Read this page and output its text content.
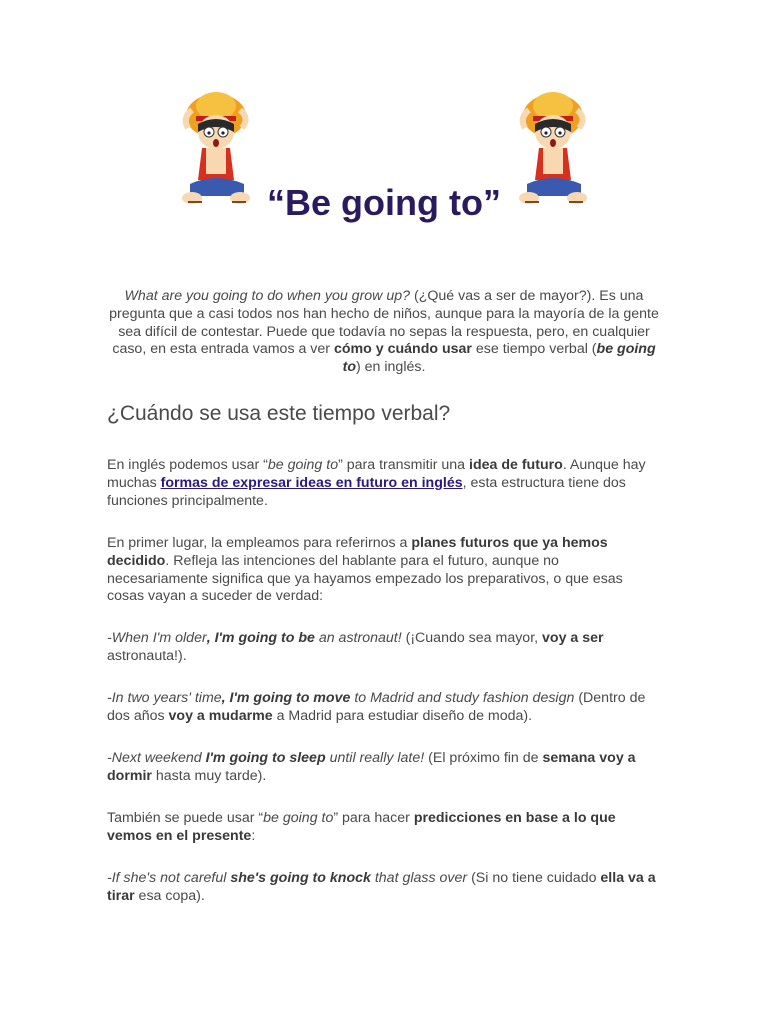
“Be going to”

What are you going to do when you grow up? (¿Qué vas a ser de mayor?). Es una pregunta que a casi todos nos han hecho de niños, aunque para la mayoría de la gente sea difícil de contestar. Puede que todavía no sepas la respuesta, pero, en cualquier caso, en esta entrada vamos a ver cómo y cuándo usar ese tiempo verbal (be going to) en inglés.

¿Cuándo se usa este tiempo verbal?

En inglés podemos usar “be going to” para transmitir una idea de futuro. Aunque hay muchas formas de expresar ideas en futuro en inglés, esta estructura tiene dos funciones principalmente.

En primer lugar, la empleamos para referirnos a planes futuros que ya hemos decidido. Refleja las intenciones del hablante para el futuro, aunque no necesariamente significa que ya hayamos empezado los preparativos, o que esas cosas vayan a suceder de verdad:

-When I'm older, I'm going to be an astronaut! (¡Cuando sea mayor, voy a ser astronauta!).

-In two years' time, I'm going to move to Madrid and study fashion design (Dentro de dos años voy a mudarme a Madrid para estudiar diseño de moda).

-Next weekend I'm going to sleep until really late! (El próximo fin de semana voy a dormir hasta muy tarde).

También se puede usar “be going to” para hacer predicciones en base a lo que vemos en el presente:

-If she's not careful she's going to knock that glass over (Si no tiene cuidado ella va a tirar esa copa).
